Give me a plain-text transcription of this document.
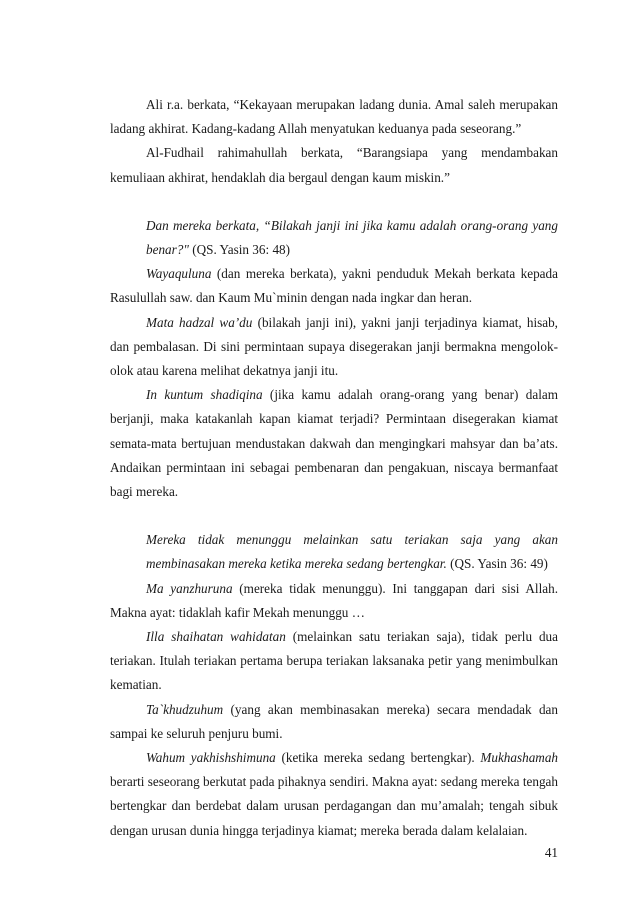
Ali r.a. berkata, “Kekayaan merupakan ladang dunia. Amal saleh merupakan ladang akhirat. Kadang-kadang Allah menyatukan keduanya pada seseorang.”

Al-Fudhail rahimahullah berkata, “Barangsiapa yang mendambakan kemuliaan akhirat, hendaklah dia bergaul dengan kaum miskin.”

Dan mereka berkata, “Bilakah janji ini jika kamu adalah orang-orang yang benar?" (QS. Yasin 36: 48)

Wayaquluna (dan mereka berkata), yakni penduduk Mekah berkata kepada Rasulullah saw. dan Kaum Mu`minin dengan nada ingkar dan heran.

Mata hadzal wa’du (bilakah janji ini), yakni janji terjadinya kiamat, hisab, dan pembalasan. Di sini permintaan supaya disegerakan janji bermakna mengolok-olok atau karena melihat dekatnya janji itu.

In kuntum shadiqina (jika kamu adalah orang-orang yang benar) dalam berjanji, maka katakanlah kapan kiamat terjadi? Permintaan disegerakan kiamat semata-mata bertujuan mendustakan dakwah dan mengingkari mahsyar dan ba’ats. Andaikan permintaan ini sebagai pembenaran dan pengakuan, niscaya bermanfaat bagi mereka.

Mereka tidak menunggu melainkan satu teriakan saja yang akan membinasakan mereka ketika mereka sedang bertengkar. (QS. Yasin 36: 49)

Ma yanzhuruna (mereka tidak menunggu). Ini tanggapan dari sisi Allah. Makna ayat: tidaklah kafir Mekah menunggu …

Illa shaihatan wahidatan (melainkan satu teriakan saja), tidak perlu dua teriakan. Itulah teriakan pertama berupa teriakan laksanaka petir yang menimbulkan kematian.

Ta`khudzuhum (yang akan membinasakan mereka) secara mendadak dan sampai ke seluruh penjuru bumi.

Wahum yakhishshimuna (ketika mereka sedang bertengkar). Mukhashamah berarti seseorang berkutat pada pihaknya sendiri. Makna ayat: sedang mereka tengah bertengkar dan berdebat dalam urusan perdagangan dan mu’amalah; tengah sibuk dengan urusan dunia hingga terjadinya kiamat; mereka berada dalam kelalaian.

41
